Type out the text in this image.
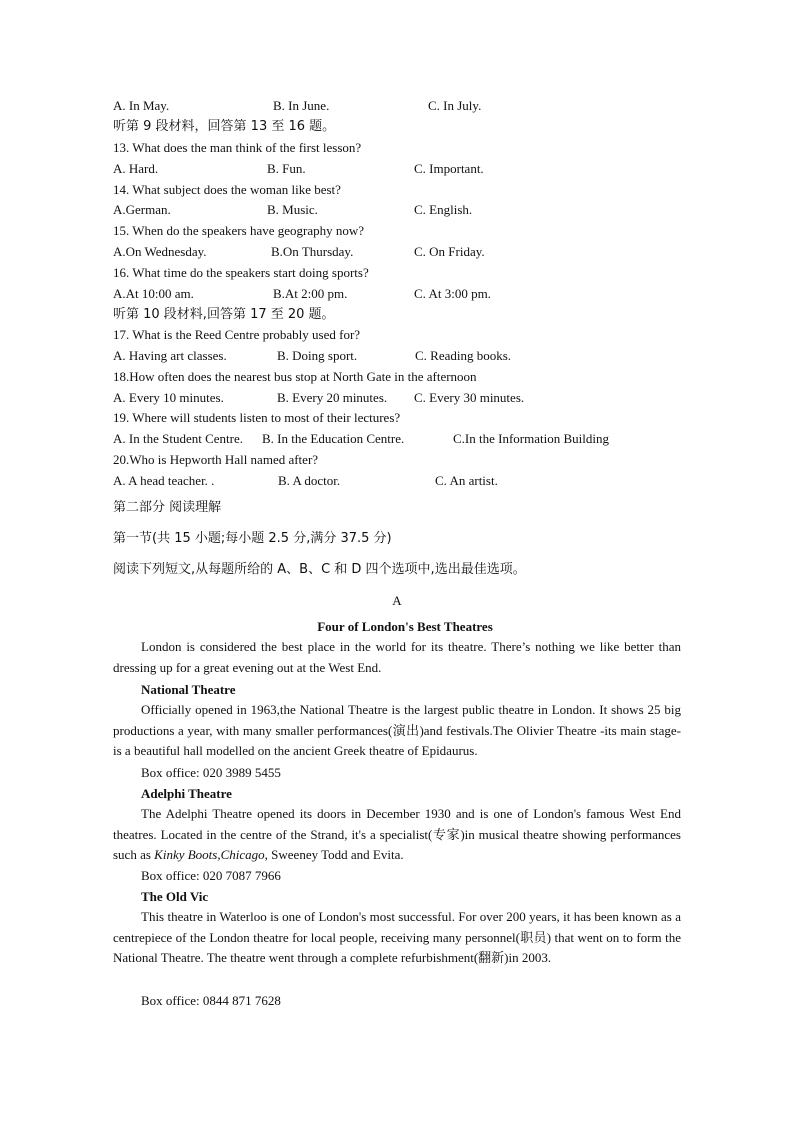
A. In May.	B. In June.	C. In July.
听第 9 段材料，回答第 13 至 16 题。
13. What does the man think of the first lesson?
A. Hard.	B. Fun.	C. Important.
14. What subject does the woman like best?
A.German.	B. Music.	C. English.
15. When do the speakers have geography now?
A.On Wednesday.	B.On Thursday.	C. On Friday.
16. What time do the speakers start doing sports?
A.At 10:00 am.	B.At 2:00 pm.	C. At 3:00 pm.
听第 10 段材料,回答第 17 至 20 题。
17. What is the Reed Centre probably used for?
A. Having art classes.	B. Doing sport.	C. Reading books.
18.How often does the nearest bus stop at North Gate in the afternoon
A. Every 10 minutes.	B. Every 20 minutes. C. Every 30 minutes.
19. Where will students listen to most of their lectures?
A. In the Student Centre. B. In the Education Centre.	C.In the Information Building
20.Who is Hepworth Hall named after?
A. A head teacher. .	B. A doctor.	C. An artist.
第二部分 阅读理解
第一节(共 15 小题;每小题 2.5 分,满分 37.5 分)
阅读下列短文,从每题所给的 A、B、C 和 D 四个选项中,选出最佳选项。
A
Four of London's Best Theatres
London is considered the best place in the world for its theatre. There’s nothing we like better than dressing up for a great evening out at the West End.
National Theatre
Officially opened in 1963,the National Theatre is the largest public theatre in London. It shows 25 big productions a year, with many smaller performances(演出)and festivals.The Olivier Theatre -its main stage-is a beautiful hall modelled on the ancient Greek theatre of Epidaurus.
Box office: 020 3989 5455
Adelphi Theatre
The Adelphi Theatre opened its doors in December 1930 and is one of London's famous West End theatres. Located in the centre of the Strand, it's a specialist(专家)in musical theatre showing performances such as Kinky Boots,Chicago, Sweeney Todd and Evita.
Box office: 020 7087 7966
The Old Vic
This theatre in Waterloo is one of London's most successful. For over 200 years, it has been known as a centrepiece of the London theatre for local people, receiving many personnel(职员) that went on to form the National Theatre. The theatre went through a complete refurbishment(翻新)in 2003.
Box office: 0844 871 7628
